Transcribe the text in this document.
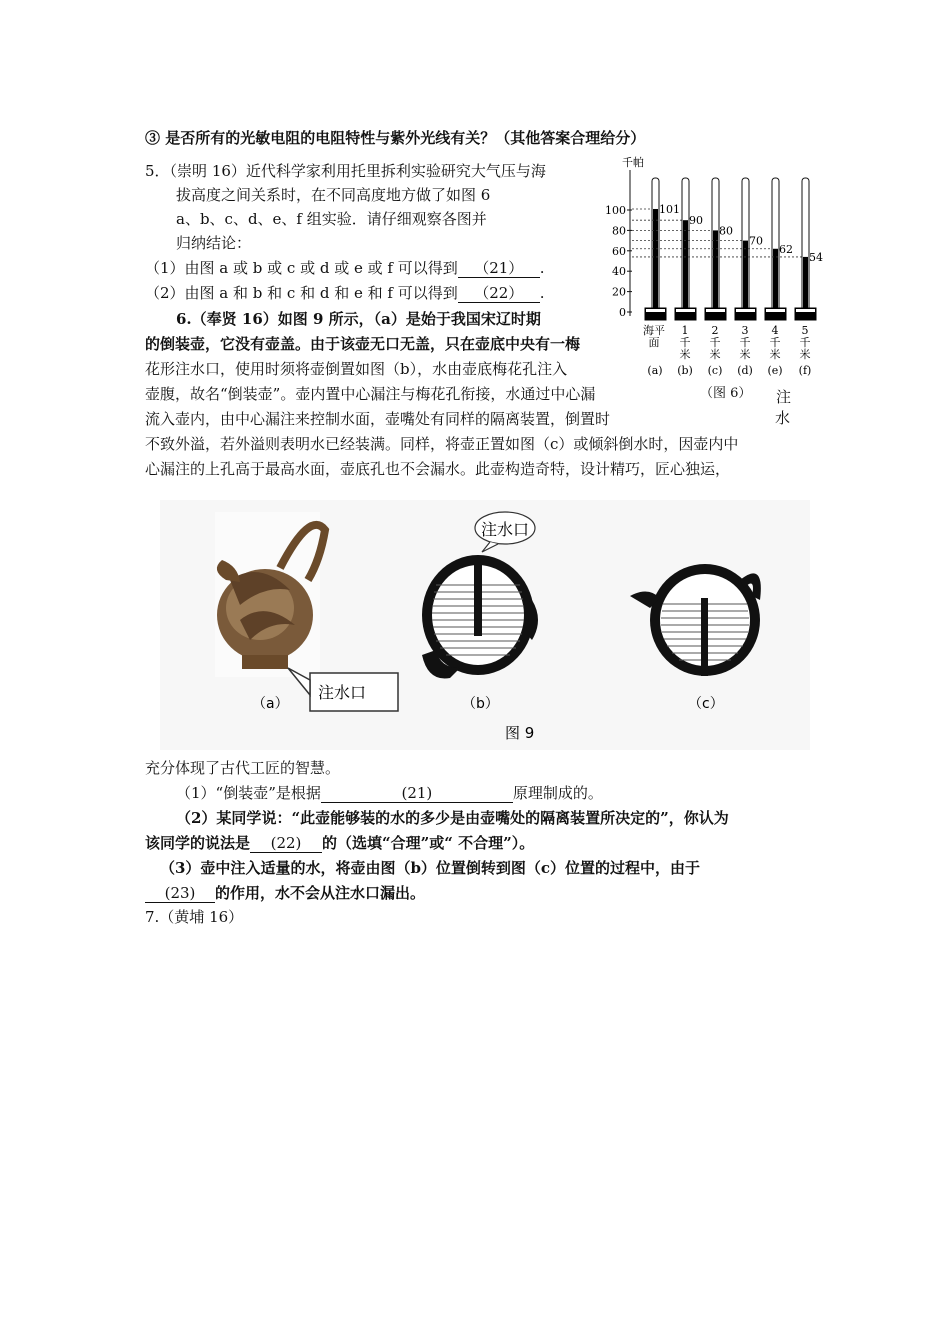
③ 是否所有的光敏电阻的电阻特性与紫外光线有关？（其他答案合理给分）
5．（崇明 16）近代科学家利用托里拆利实验研究大气压与海
拔高度之间关系时，在不同高度地方做了如图 6
a、b、c、d、e、f 组实验．请仔细观察各图并
归纳结论：
（1）由图 a 或 b 或 c 或 d 或 e 或 f 可以得到 （21） .
（2）由图 a 和 b 和 c 和 d 和 e 和 f 可以得到 （22） .
千帕
100
80
60
40
20
0
101
海平
面
(a)
90
1
千
米
(b)
80
2
千
米
(c)
70
3
千
米
(d)
62
4
千
米
(e)
54
5
千
米
(f)
（图 6） 注
水
6.（奉贤 16）如图 9 所示，（a）是始于我国宋辽时期
的倒装壶，它没有壶盖。由于该壶无口无盖，只在壶底中央有一梅
花形注水口，使用时须将壶倒置如图（b），水由壶底梅花孔注入
壶腹，故名“倒装壶”。壶内置中心漏注与梅花孔衔接，水通过中心漏
流入壶内，由中心漏注来控制水面，壶嘴处有同样的隔离装置，倒置时
不致外溢，若外溢则表明水已经装满。同样，将壶正置如图（c）或倾斜倒水时，因壶内中
心漏注的上孔高于最高水面，壶底孔也不会漏水。此壶构造奇特，设计精巧，匠心独运，
注水口
注水口
（a）	（b）	（c）
图 9
充分体现了古代工匠的智慧。
（1）“倒装壶”是根据	(21)	原理制成的。
（2）某同学说：“此壶能够装的水的多少是由壶嘴处的隔离装置所决定的”，你认为
该同学的说法是 (22) 的（选填“合理”或“ 不合理”）。
（3）壶中注入适量的水，将壶由图（b）位置倒转到图（c）位置的过程中，由于
(23) 的作用，水不会从注水口漏出。
7.（黄埔 16）
